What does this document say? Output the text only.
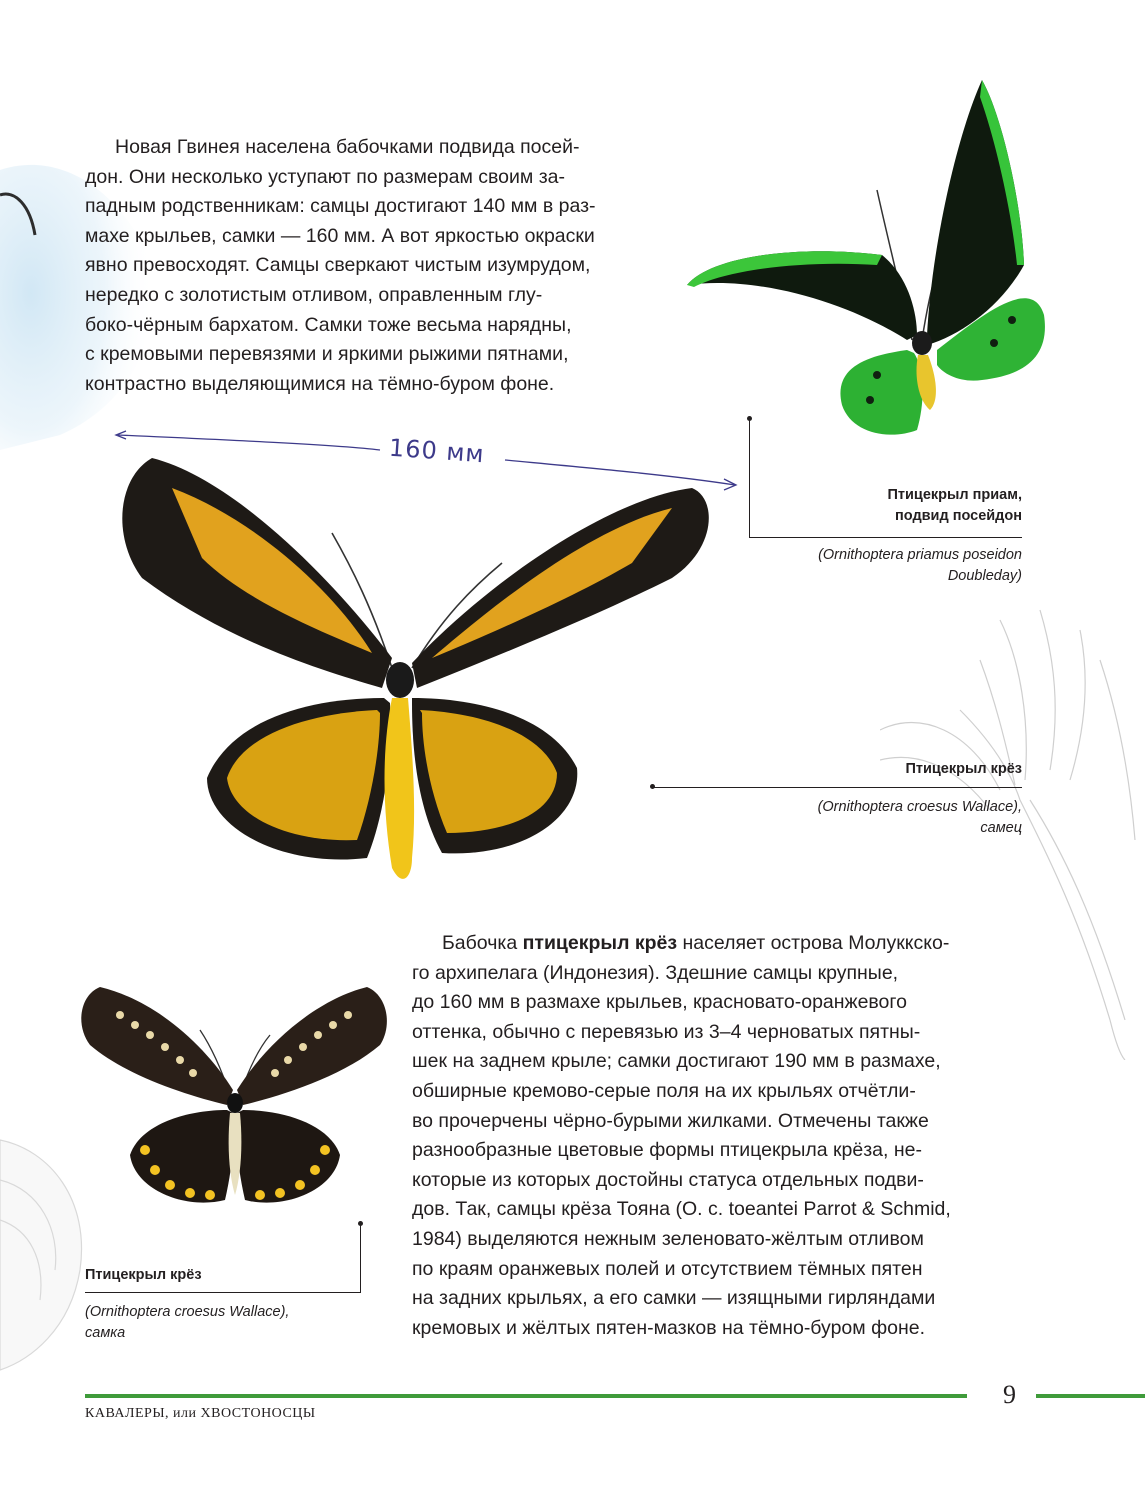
Новая Гвинея населена бабочками подвида посей-
дон. Они несколько уступают по размерам своим за-
падным родственникам: самцы достигают 140 мм в раз-
махе крыльев, самки — 160 мм. А вот яркостью окраски
явно превосходят. Самцы сверкают чистым изумрудом,
нередко с золотистым отливом, оправленным глу-
боко-чёрным бархатом. Самки тоже весьма нарядны,
с кремовыми перевязями и яркими рыжими пятнами,
контрастно выделяющимися на тёмно-буром фоне.
160 мм
Птицекрыл приам,
подвид посейдон
(Ornithoptera priamus poseidon
Doubleday)
Птицекрыл крёз
(Ornithoptera croesus Wallace),
самец
Птицекрыл крёз
(Ornithoptera croesus Wallace),
самка
Бабочка птицекрыл крёз населяет острова Молуккско-
го архипелага (Индонезия). Здешние самцы крупные,
до 160 мм в размахе крыльев, красновато-оранжевого
оттенка, обычно с перевязью из 3–4 черноватых пятны-
шек на заднем крыле; самки достигают 190 мм в размахе,
обширные кремово-серые поля на их крыльях отчётли-
во прочерчены чёрно-бурыми жилками. Отмечены также
разнообразные цветовые формы птицекрыла крёза, не-
которые из которых достойны статуса отдельных подви-
дов. Так, самцы крёза Тояна (O. c. toeantei Parrot & Schmid,
1984) выделяются нежным зеленовато-жёлтым отливом
по краям оранжевых полей и отсутствием тёмных пятен
на задних крыльях, а его самки — изящными гирляндами
кремовых и жёлтых пятен-мазков на тёмно-буром фоне.
9
КАВАЛЕРЫ, или ХВОСТОНОСЦЫ
